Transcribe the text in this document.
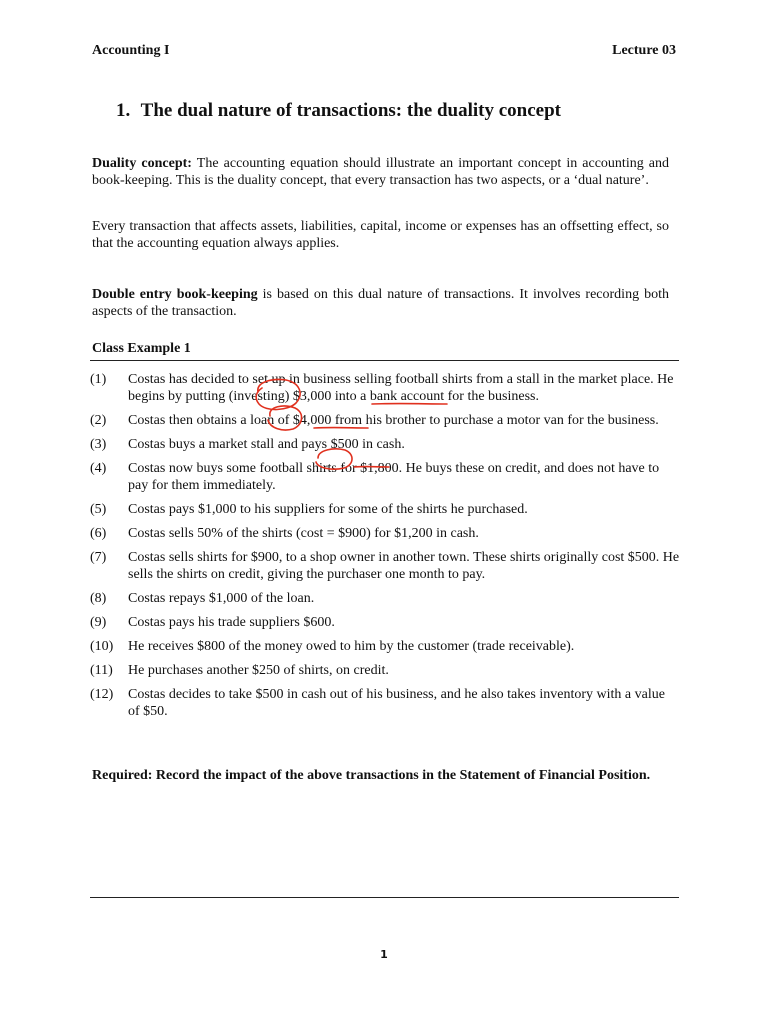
Accounting I	Lecture 03
1. The dual nature of transactions: the duality concept
Duality concept: The accounting equation should illustrate an important concept in accounting and book-keeping. This is the duality concept, that every transaction has two aspects, or a ‘dual nature’.
Every transaction that affects assets, liabilities, capital, income or expenses has an offsetting effect, so that the accounting equation always applies.
Double entry book-keeping is based on this dual nature of transactions. It involves recording both aspects of the transaction.
Class Example 1
(1) Costas has decided to set up in business selling football shirts from a stall in the market place. He begins by putting (investing) $3,000 into a bank account for the business.
(2) Costas then obtains a loan of $4,000 from his brother to purchase a motor van for the business.
(3) Costas buys a market stall and pays $500 in cash.
(4) Costas now buys some football shirts for $1,800. He buys these on credit, and does not have to pay for them immediately.
(5) Costas pays $1,000 to his suppliers for some of the shirts he purchased.
(6) Costas sells 50% of the shirts (cost = $900) for $1,200 in cash.
(7) Costas sells shirts for $900, to a shop owner in another town. These shirts originally cost $500. He sells the shirts on credit, giving the purchaser one month to pay.
(8) Costas repays $1,000 of the loan.
(9) Costas pays his trade suppliers $600.
(10) He receives $800 of the money owed to him by the customer (trade receivable).
(11) He purchases another $250 of shirts, on credit.
(12) Costas decides to take $500 in cash out of his business, and he also takes inventory with a value of $50.
Required: Record the impact of the above transactions in the Statement of Financial Position.
1
